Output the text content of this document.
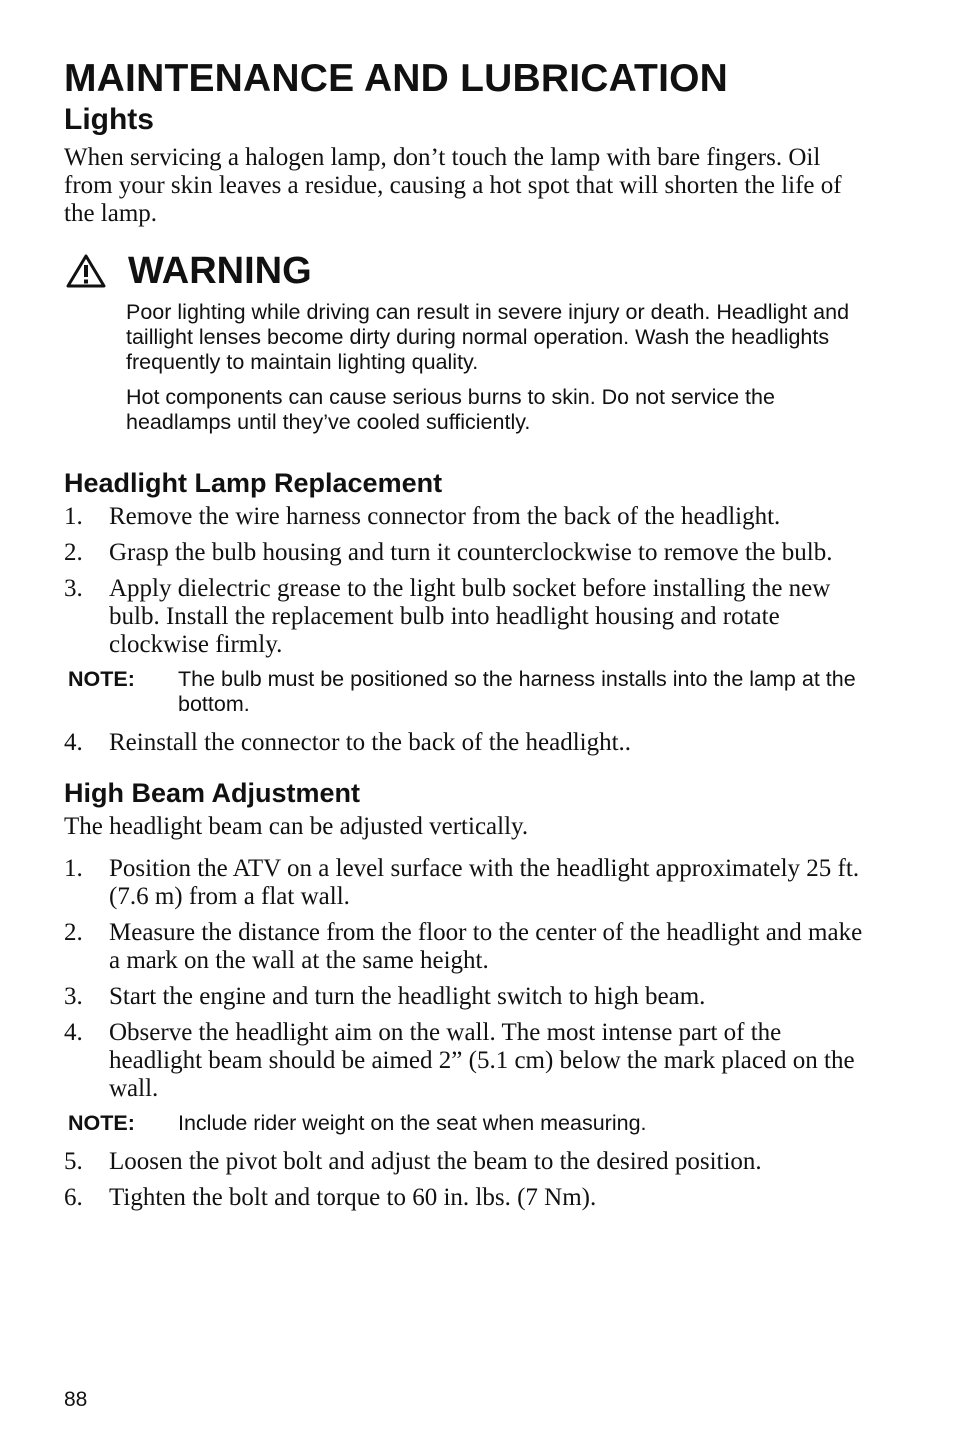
MAINTENANCE AND LUBRICATION
Lights

When servicing a halogen lamp, don’t touch the lamp with bare fingers. Oil from your skin leaves a residue, causing a hot spot that will shorten the life of the lamp.

WARNING

Poor lighting while driving can result in severe injury or death. Headlight and taillight lenses become dirty during normal operation. Wash the headlights frequently to maintain lighting quality.

Hot components can cause serious burns to skin. Do not service the headlamps until they’ve cooled sufficiently.

Headlight Lamp Replacement
1.	Remove the wire harness connector from the back of the headlight.
2.	Grasp the bulb housing and turn it counterclockwise to remove the bulb.
3.	Apply dielectric grease to the light bulb socket before installing the new bulb. Install the replacement bulb into headlight housing and rotate clockwise firmly.
NOTE:	The bulb must be positioned so the harness installs into the lamp at the bottom.
4.	Reinstall the connector to the back of the headlight..
High Beam Adjustment

The headlight beam can be adjusted vertically.

1.	Position the ATV on a level surface with the headlight approximately 25 ft. (7.6 m) from a flat wall.
2.	Measure the distance from the floor to the center of the headlight and make a mark on the wall at the same height.
3.	Start the engine and turn the headlight switch to high beam.
4.	Observe the headlight aim on the wall. The most intense part of the headlight beam should be aimed 2” (5.1 cm) below the mark placed on the wall.
NOTE:	Include rider weight on the seat when measuring.
5.	Loosen the pivot bolt and adjust the beam to the desired position.
6.	Tighten the bolt and torque to 60 in. lbs. (7 Nm).
88
